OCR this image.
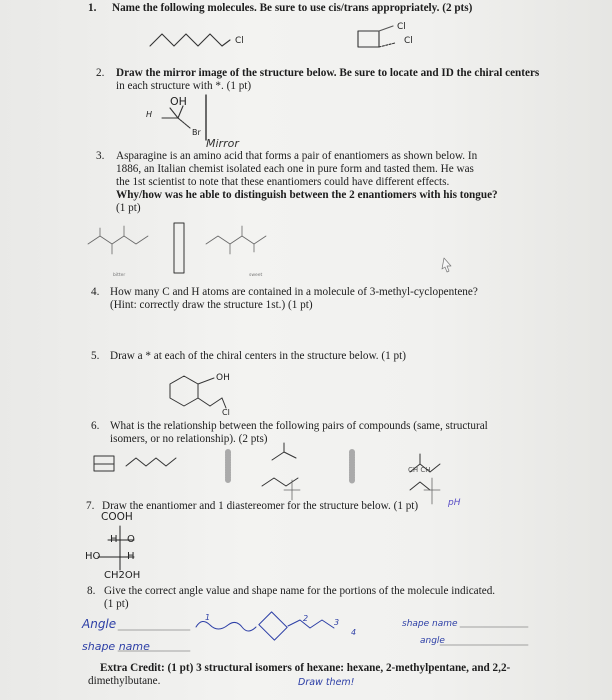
1. Name the following molecules. Be sure to use cis/trans appropriately. (2 pts)
2. Draw the mirror image of the structure below. Be sure to locate and ID the chiral centers
in each structure with *. (1 pt)
3. Asparagine is an amino acid that forms a pair of enantiomers as shown below. In
1886, an Italian chemist isolated each one in pure form and tasted them. He was
the 1st scientist to note that these enantiomers could have different effects.
Why/how was he able to distinguish between the 2 enantiomers with his tongue?
(1 pt)
4. How many C and H atoms are contained in a molecule of 3-methyl-cyclopentene?
(Hint: correctly draw the structure 1st.) (1 pt)
5. Draw a * at each of the chiral centers in the structure below. (1 pt)
6. What is the relationship between the following pairs of compounds (same, structural
isomers, or no relationship). (2 pts)
7. Draw the enantiomer and 1 diastereomer for the structure below. (1 pt)
8. Give the correct angle value and shape name for the portions of the molecule indicated.
(1 pt)
Extra Credit: (1 pt) 3 structural isomers of hexane: hexane, 2-methylpentane, and 2,2-
dimethylbutane.
Cl
Cl
Cl
OH
H
Br
Mirror
bitter	sweet
OH
Cl
CH CH
COOH
H O
HO	H
CH2OH
pH
Angle
shape name
shape name
angle
1	2	3
4
Draw them!
